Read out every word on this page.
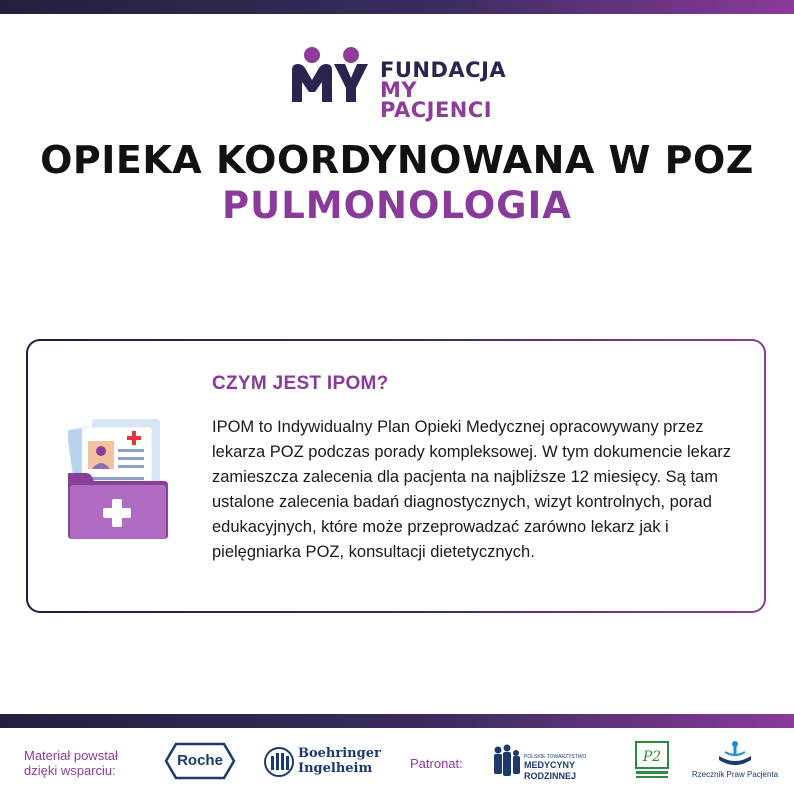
FUNDACJA
MY PACJENCI
OPIEKA KOORDYNOWANA W POZ
PULMONOLOGIA
CZYM JEST IPOM?
IPOM to Indywidualny Plan Opieki Medycznej opracowywany przez lekarza POZ podczas porady kompleksowej. W tym dokumencie lekarz zamieszcza zalecenia dla pacjenta na najbliższe 12 miesięcy. Są tam ustalone zalecenia badań diagnostycznych, wizyt kontrolnych, porad edukacyjnych, które może przeprowadzać zarówno lekarz jak i pielęgniarka POZ, konsultacji dietetycznych.
Materiał powstał
dzięki wsparciu:
Roche	Boehringer
Ingelheim	Patronat:	POLSKIE TOWARZYSTWO
MEDYCYNY RODZINNEJ
P2
Rzecznik Praw Pacjenta
